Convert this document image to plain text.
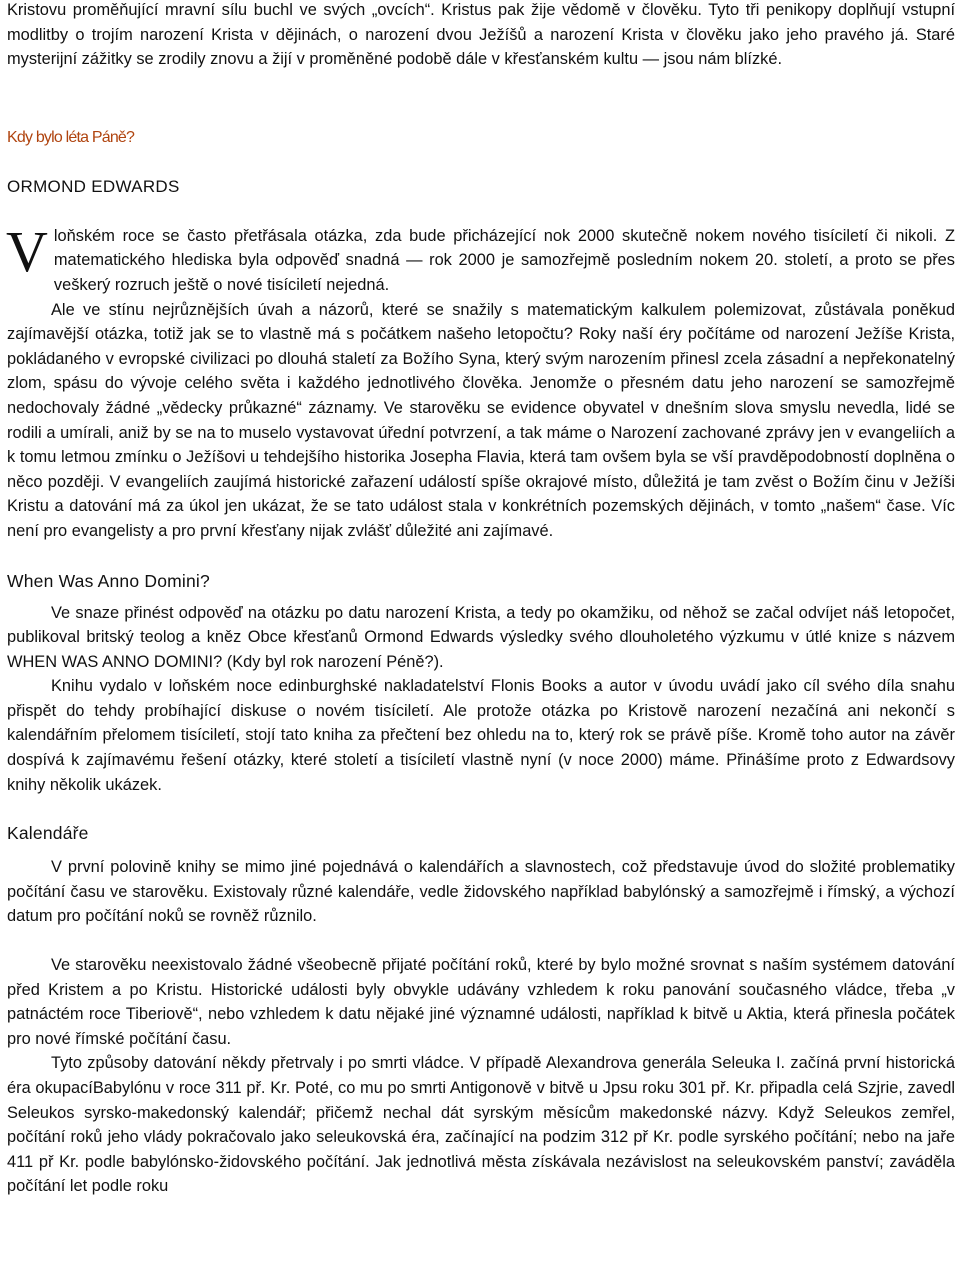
Kristovu proměňující mravní sílu buchl ve svých „ovcích“. Kristus pak žije vědomě v člověku. Tyto tři penikopy doplňují vstupní modlitby o trojím narození Krista v dějinách, o narození dvou Ježíšů a narození Krista v člověku jako jeho pravého já. Staré mysterijní zážitky se zrodily znovu a žijí v proměněné podobě dále v křesťanském kultu — jsou nám blízké.

Kdy bylo léta Páně?
ORMOND EDWARDS

Vloňském roce se často přetřásala otázka, zda bude přicházející nok 2000 skutečně nokem nového tisíciletí či nikoli. Z matematického hlediska byla odpověď snadná — rok 2000 je samozřejmě posledním nokem 20. století, a proto se přes veškerý rozruch ještě o nové tisíciletí nejedná.

Ale ve stínu nejrůznějších úvah a názorů, které se snažily s matematickým kalkulem polemizovat, zůstávala poněkud zajímavější otázka, totiž jak se to vlastně má s počátkem našeho letopočtu? Roky naší éry počítáme od narození Ježíše Krista, pokládaného v evropské civilizaci po dlouhá staletí za Božího Syna, který svým narozením přinesl zcela zásadní a nepřekonatelný zlom, spásu do vývoje celého světa i každého jednotlivého člověka. Jenomže o přesném datu jeho narození se samozřejmě nedochovaly žádné „vědecky průkazné“ záznamy. Ve starověku se evidence obyvatel v dnešním slova smyslu nevedla, lidé se rodili a umírali, aniž by se na to muselo vystavovat úřední potvrzení, a tak máme o Narození zachované zprávy jen v evangeliích a k tomu letmou zmínku o Ježíšovi u tehdejšího historika Josepha Flavia, která tam ovšem byla se vší pravděpodobností doplněna o něco později. V evangeliích zaujímá historické zařazení událostí spíše okrajové místo, důležitá je tam zvěst o Božím činu v Ježíši Kristu a datování má za úkol jen ukázat, že se tato událost stala v konkrétních pozemských dějinách, v tomto „našem“ čase. Víc není pro evangelisty a pro první křesťany nijak zvlášť důležité ani zajímavé.

When Was Anno Domini?

Ve snaze přinést odpověď na otázku po datu narození Krista, a tedy po okamžiku, od něhož se začal odvíjet náš letopočet, publikoval britský teolog a kněz Obce křesťanů Ormond Edwards výsledky svého dlouholetého výzkumu v útlé knize s názvem WHEN WAS ANNO DOMINI? (Kdy byl rok narození Péně?).

Knihu vydalo v loňském noce edinburghské nakladatelství Flonis Books a autor v úvodu uvádí jako cíl svého díla snahu přispět do tehdy probíhající diskuse o novém tisíciletí. Ale protože otázka po Kristově narození nezačíná ani nekončí s kalendářním přelomem tisíciletí, stojí tato kniha za přečtení bez ohledu na to, který rok se právě píše. Kromě toho autor na závěr dospívá k zajímavému řešení otázky, které století a tisíciletí vlastně nyní (v noce 2000) máme. Přinášíme proto z Edwardsovy knihy několik ukázek.

Kalendáře

V první polovině knihy se mimo jiné pojednává o kalendářích a slavnostech, což představuje úvod do složité problematiky počítání času ve starověku. Existovaly různé kalendáře, vedle židovského například babylónský a samozřejmě i římský, a výchozí datum pro počítání noků se rovněž různilo.

Ve starověku neexistovalo žádné všeobecně přijaté počítání roků, které by bylo možné srovnat s naším systémem datování před Kristem a po Kristu. Historické události byly obvykle udávány vzhledem k roku panování současného vládce, třeba „v patnáctém roce Tiberiově“, nebo vzhledem k datu nějaké jiné významné události, například k bitvě u Aktia, která přinesla počátek pro nové římské počítání času.

Tyto způsoby datování někdy přetrvaly i po smrti vládce. V případě Alexandrova generála Seleuka I. začíná první historická éra okupacíBabylónu v roce 311 př. Kr. Poté, co mu po smrti Antigonově v bitvě u Jpsu roku 301 př. Kr. připadla celá Szjrie, zavedl Seleukos syrsko-makedonský kalendář; přičemž nechal dát syrským měsícům makedonské názvy. Když Seleukos zemřel, počítání roků jeho vlády pokračovalo jako seleukovská éra, začínající na podzim 312 př Kr. podle syrského počítání; nebo na jaře 411 př Kr. podle babylónsko-židovského počítání. Jak jednotlivá města získávala nezávislost na seleukovském panství; zaváděla počítání let podle roku
